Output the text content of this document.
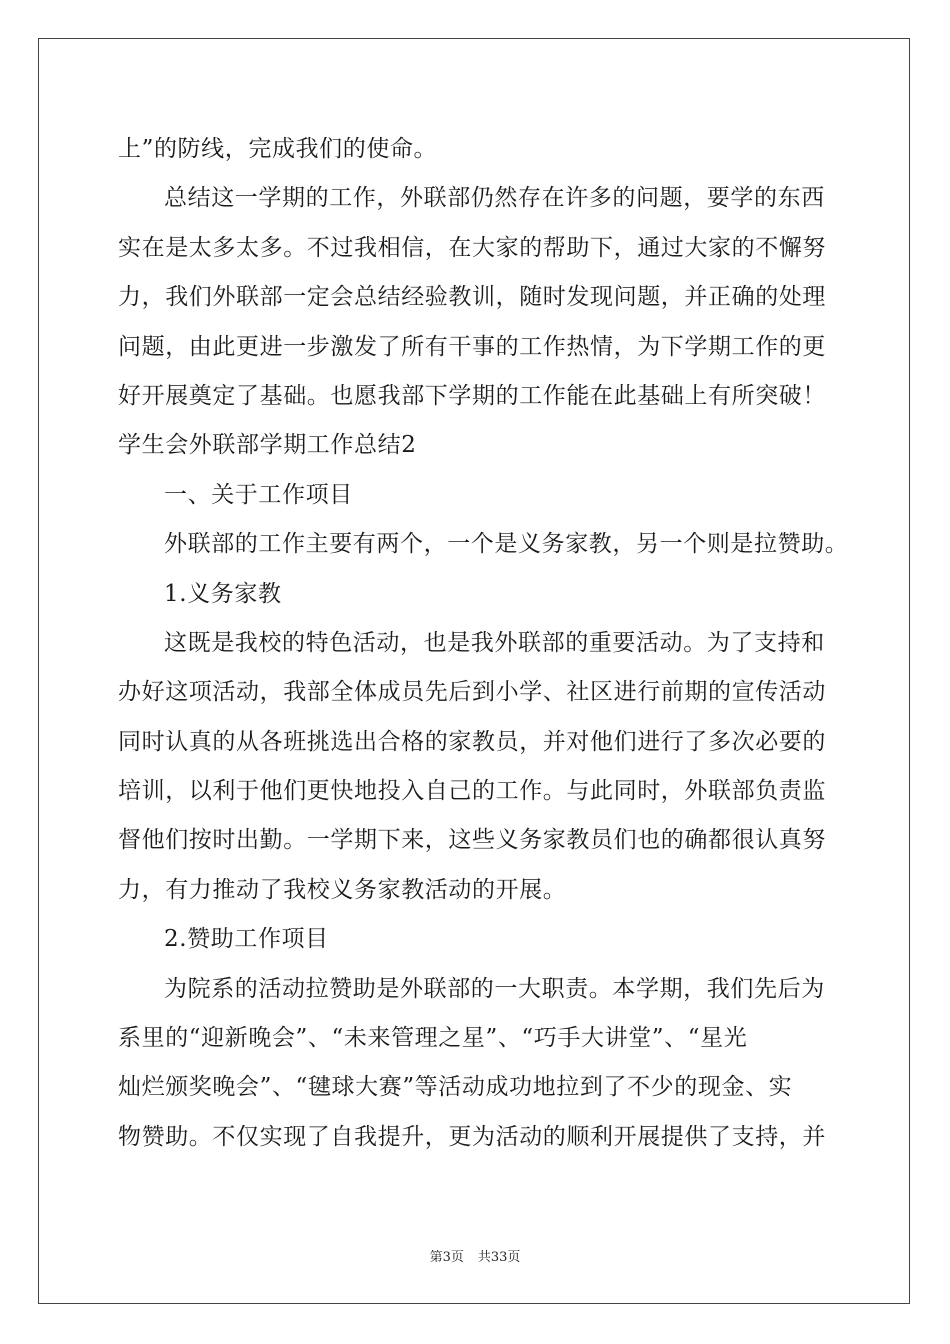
上”的防线，完成我们的使命。
总结这一学期的工作，外联部仍然存在许多的问题，要学的东西
实在是太多太多。不过我相信，在大家的帮助下，通过大家的不懈努
力，我们外联部一定会总结经验教训，随时发现问题，并正确的处理
问题，由此更进一步激发了所有干事的工作热情，为下学期工作的更
好开展奠定了基础。也愿我部下学期的工作能在此基础上有所突破！
学生会外联部学期工作总结2
一、关于工作项目
外联部的工作主要有两个，一个是义务家教，另一个则是拉赞助。
1.义务家教
这既是我校的特色活动，也是我外联部的重要活动。为了支持和
办好这项活动，我部全体成员先后到小学、社区进行前期的宣传活动
同时认真的从各班挑选出合格的家教员，并对他们进行了多次必要的
培训，以利于他们更快地投入自己的工作。与此同时，外联部负责监
督他们按时出勤。一学期下来，这些义务家教员们也的确都很认真努
力，有力推动了我校义务家教活动的开展。
2.赞助工作项目
为院系的活动拉赞助是外联部的一大职责。本学期，我们先后为
系里的“迎新晚会”、“未来管理之星”、“巧手大讲堂”、“星光
灿烂颁奖晚会”、“毽球大赛”等活动成功地拉到了不少的现金、实
物赞助。不仅实现了自我提升，更为活动的顺利开展提供了支持，并
第3页 共33页
